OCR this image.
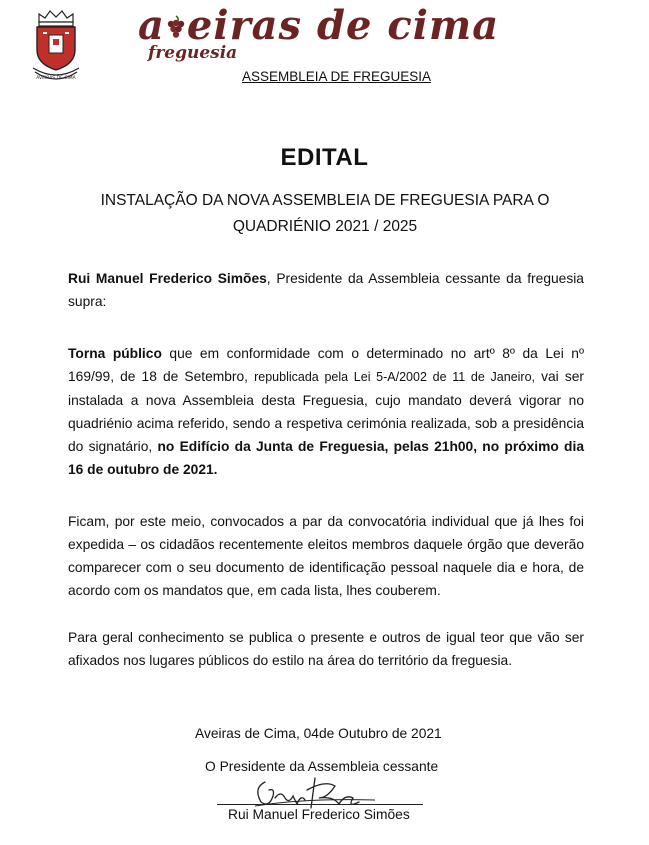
AVEIRAS DE CIMA
a eiras de cima
freguesia
ASSEMBLEIA DE FREGUESIA
EDITAL
INSTALAÇÃO DA NOVA ASSEMBLEIA DE FREGUESIA PARA O
QUADRIÉNIO 2021 / 2025
Rui Manuel Frederico Simões, Presidente da Assembleia cessante da freguesia supra:
Torna público que em conformidade com o determinado no artº 8º da Lei nº 169/99, de 18 de Setembro, republicada pela Lei 5-A/2002 de 11 de Janeiro, vai ser instalada a nova Assembleia desta Freguesia, cujo mandato deverá vigorar no quadriénio acima referido, sendo a respetiva cerimónia realizada, sob a presidência do signatário, no Edifício da Junta de Freguesia, pelas 21h00, no próximo dia 16 de outubro de 2021.
Ficam, por este meio, convocados a par da convocatória individual que já lhes foi expedida – os cidadãos recentemente eleitos membros daquele órgão que deverão comparecer com o seu documento de identificação pessoal naquele dia e hora, de acordo com os mandatos que, em cada lista, lhes couberem.
Para geral conhecimento se publica o presente e outros de igual teor que vão ser afixados nos lugares públicos do estilo na área do território da freguesia.
Aveiras de Cima, 04de Outubro de 2021
O Presidente da Assembleia cessante
Rui Manuel Frederico Simões
